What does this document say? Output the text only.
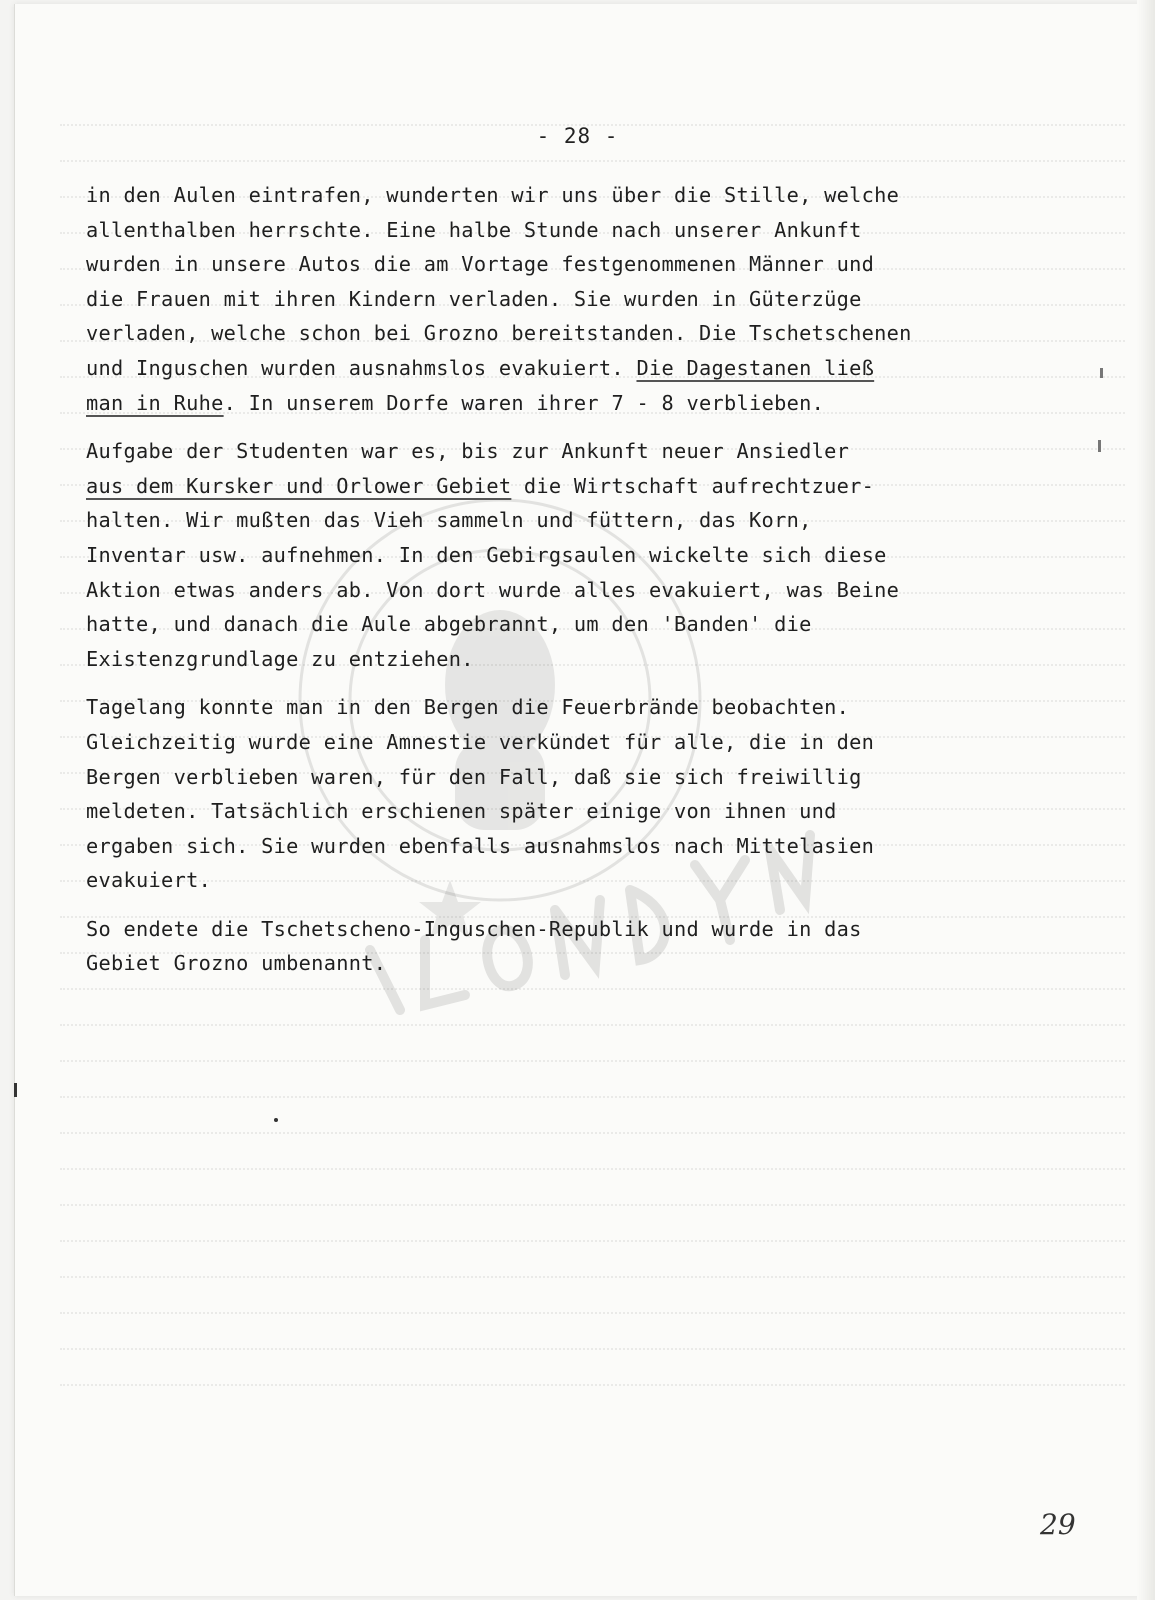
- 28 -
in den Aulen eintrafen, wunderten wir uns über die Stille, welche
allenthalben herrschte. Eine halbe Stunde nach unserer Ankunft
wurden in unsere Autos die am Vortage festgenommenen Männer und
die Frauen mit ihren Kindern verladen. Sie wurden in Güterzüge
verladen, welche schon bei Grozno bereitstanden. Die Tschetschenen
und Inguschen wurden ausnahmslos evakuiert. Die Dagestanen ließ
man in Ruhe. In unserem Dorfe waren ihrer 7 - 8 verblieben.
Aufgabe der Studenten war es, bis zur Ankunft neuer Ansiedler
aus dem Kursker und Orlower Gebiet die Wirtschaft aufrechtzuer-
halten. Wir mußten das Vieh sammeln und füttern, das Korn,
Inventar usw. aufnehmen. In den Gebirgsaulen wickelte sich diese
Aktion etwas anders ab. Von dort wurde alles evakuiert, was Beine
hatte, und danach die Aule abgebrannt, um den 'Banden' die
Existenzgrundlage zu entziehen.
Tagelang konnte man in den Bergen die Feuerbrände beobachten.
Gleichzeitig wurde eine Amnestie verkündet für alle, die in den
Bergen verblieben waren, für den Fall, daß sie sich freiwillig
meldeten. Tatsächlich erschienen später einige von ihnen und
ergaben sich. Sie wurden ebenfalls ausnahmslos nach Mittelasien
evakuiert.
So endete die Tschetscheno-Inguschen-Republik und wurde in das
Gebiet Grozno umbenannt.
29
